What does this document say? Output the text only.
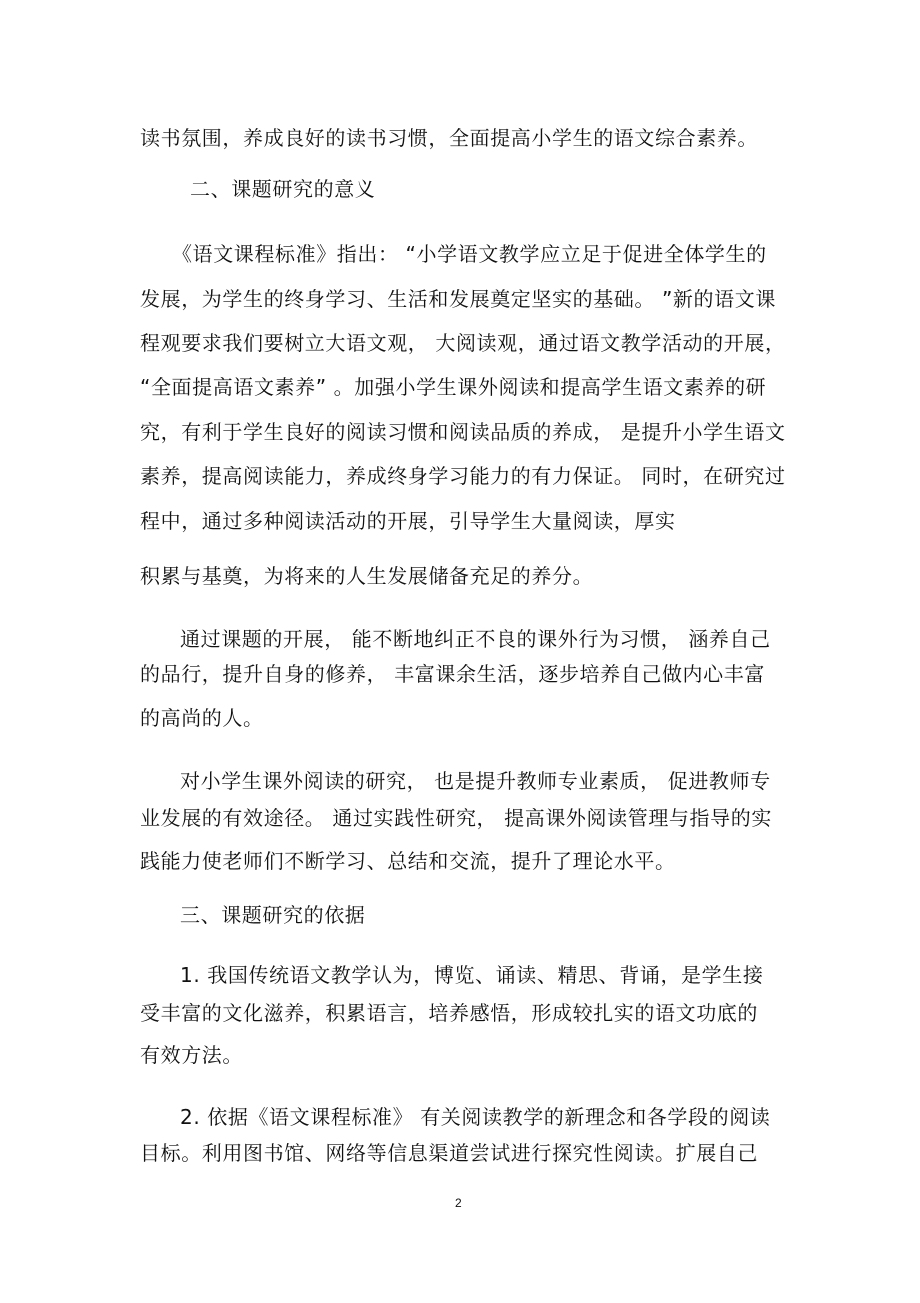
读书氛围，养成良好的读书习惯，全面提高小学生的语文综合素养。
二、课题研究的意义
《语文课程标准》指出： “小学语文教学应立足于促进全体学生的
发展，为学生的终身学习、生活和发展奠定坚实的基础。 ”新的语文课
程观要求我们要树立大语文观， 大阅读观，通过语文教学活动的开展，
“全面提高语文素养” 。加强小学生课外阅读和提高学生语文素养的研
究，有利于学生良好的阅读习惯和阅读品质的养成， 是提升小学生语文
素养，提高阅读能力，养成终身学习能力的有力保证。 同时，在研究过
程中，通过多种阅读活动的开展，引导学生大量阅读，厚实
积累与基奠，为将来的人生发展储备充足的养分。
通过课题的开展， 能不断地纠正不良的课外行为习惯， 涵养自己
的品行，提升自身的修养， 丰富课余生活，逐步培养自己做内心丰富
的高尚的人。
对小学生课外阅读的研究， 也是提升教师专业素质， 促进教师专
业发展的有效途径。 通过实践性研究， 提高课外阅读管理与指导的实
践能力使老师们不断学习、总结和交流，提升了理论水平。
三、课题研究的依据
1. 我国传统语文教学认为，博览、诵读、精思、背诵，是学生接
受丰富的文化滋养，积累语言，培养感悟，形成较扎实的语文功底的
有效方法。
2. 依据《语文课程标准》 有关阅读教学的新理念和各学段的阅读
目标。利用图书馆、网络等信息渠道尝试进行探究性阅读。扩展自己
2
